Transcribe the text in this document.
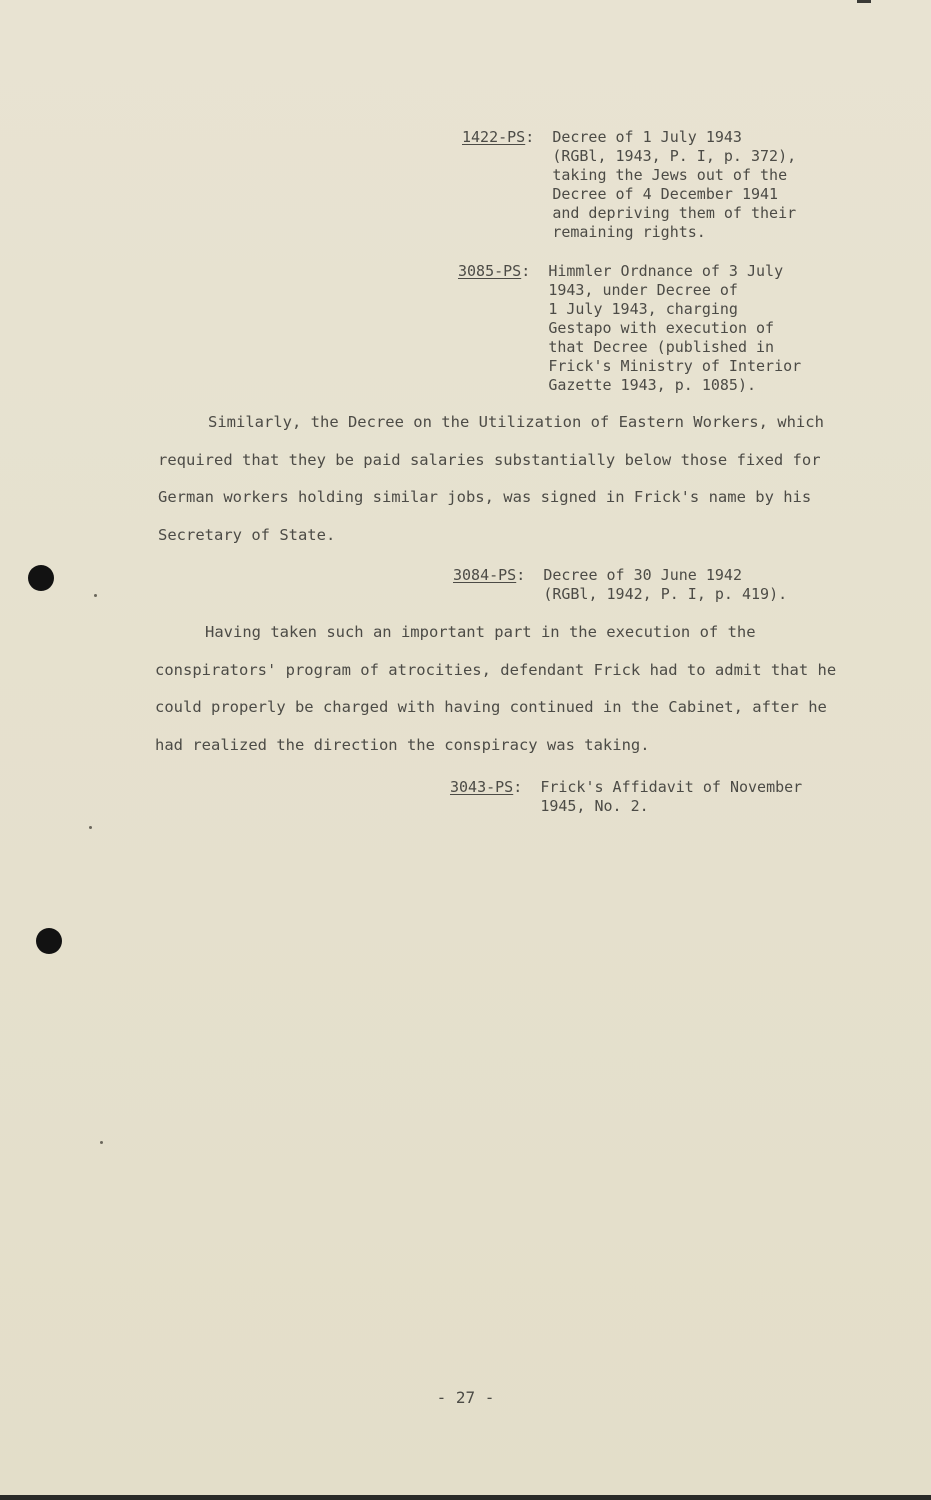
1422-PS : Decree of 1 July 1943
(RGBl, 1943, P. I, p. 372),
taking the Jews out of the
Decree of 4 December 1941
and depriving them of their
remaining rights.
3085-PS : Himmler Ordnance of 3 July
1943, under Decree of
1 July 1943, charging
Gestapo with execution of
that Decree (published in
Frick's Ministry of Interior
Gazette 1943, p. 1085).

Similarly, the Decree on the Utilization of Eastern Workers, which required that they be paid salaries substantially below those fixed for German workers holding similar jobs, was signed in Frick's name by his Secretary of State.

3084-PS : Decree of 30 June 1942
(RGBl, 1942, P. I, p. 419).

Having taken such an important part in the execution of the conspirators' program of atrocities, defendant Frick had to admit that he could properly be charged with having continued in the Cabinet, after he had realized the direction the conspiracy was taking.

3043-PS : Frick's Affidavit of November
1945, No. 2.
- 27 -
